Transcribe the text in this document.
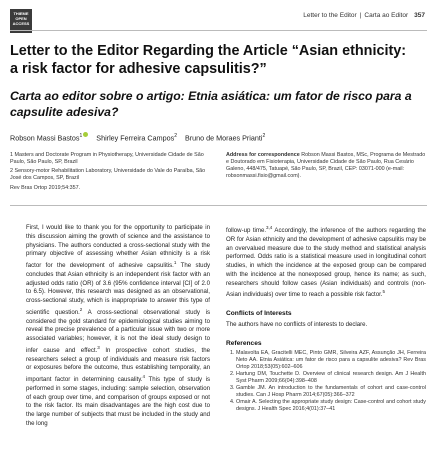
THIEME
OPEN
ACCESS
Letter to the Editor | Carta ao Editor 357
Letter to the Editor Regarding the Article “Asian ethnicity: a risk factor for adhesive capsulitis?”
Carta ao editor sobre o artigo: Etnia asiática: um fator de risco para a capsulite adesiva?
Robson Massi Bastos$^1$ Shirley Ferreira Campos$^2$ Bruno de Moraes Prianti$^2$

1 Masters and Doctorate Program in Physiotherapy, Universidade Cidade de São Paulo, São Paulo, SP, Brazil

2 Sensory-motor Rehabilitation Laboratory, Universidade do Vale do Paraíba, São José dos Campos, SP, Brazil

Address for correspondence Robson Massi Bastos, MSc, Programa de Mestrado e Doutorado em Fisioterapia, Universidade Cidade de São Paulo, Rua Cesário Galeno, 448/475, Tatuapé, São Paulo, SP, Brazil, CEP: 03071-000 (e-mail: robsonmassi.fisio@gmail.com).
Rev Bras Ortop 2019;54:357.

First, I would like to thank you for the opportunity to participate in this discussion aiming the growth of science and the assistance to physicians. The authors conducted a cross-sectional study with the primary objective of assessing whether Asian ethnicity is a risk factor for the development of adhesive capsulitis.$^1$ The study concludes that Asian ethnicity is an independent risk factor with an adjusted odds ratio (OR) of 3.6 (95% confidence interval [CI] of 2.0 to 6.5). However, this research was designed as an observational, cross-sectional study, which is inappropriate to answer this type of scientific question.$^2$ A cross-sectional observational study is considered the gold standard for epidemiological studies aiming to reveal the precise prevalence of a particular issue with two or more associated variables; however, it is not the ideal study design to infer cause and effect.$^3$ In prospective cohort studies, the researchers select a group of individuals and measure risk factors or exposures before the outcome, thus establishing temporality, an important factor in determining causality.$^4$ This type of study is performed in some stages, including: sample selection, observation of each group over time, and comparison of groups exposed or not to the risk factor. Its main disadvantages are the high cost due to the large number of subjects that must be included in the study and the long

follow-up time.$^{3,4}$ Accordingly, the inference of the authors regarding the OR for Asian ethnicity and the development of adhesive capsulitis may be an overvalued measure due to the study method and statistical analysis performed. Odds ratio is a statistical measure used in longitudinal cohort studies, in which the incidence at the exposed group can be compared with the incidence at the nonexposed group, hence its name; as such, researchers should follow cases (Asian individuals) and controls (non-Asian individuals) over time to reach a possible risk factor.$^5$

Conflicts of Interests

The authors have no conflicts of interests to declare.

References
1. Malavolta EA, Gracitelli MEC, Pinto GMR, Silveira AZF, Assunção JH, Ferreira Neto AA. Etnia Asiática: um fator de risco para a capsulite adesiva? Rev Bras Ortop 2018;53(05):602–606
2. Hartung DM, Touchette D. Overview of clinical research design. Am J Health Syst Pharm 2009;66(04):398–408
3. Gamble JM. An introduction to the fundamentals of cohort and case-control studies. Can J Hosp Pharm 2014;67(05):366–372
4. Omair A. Selecting the appropriate study design: Case-control and cohort study designs. J Health Spec 2016;4(01):37–41
